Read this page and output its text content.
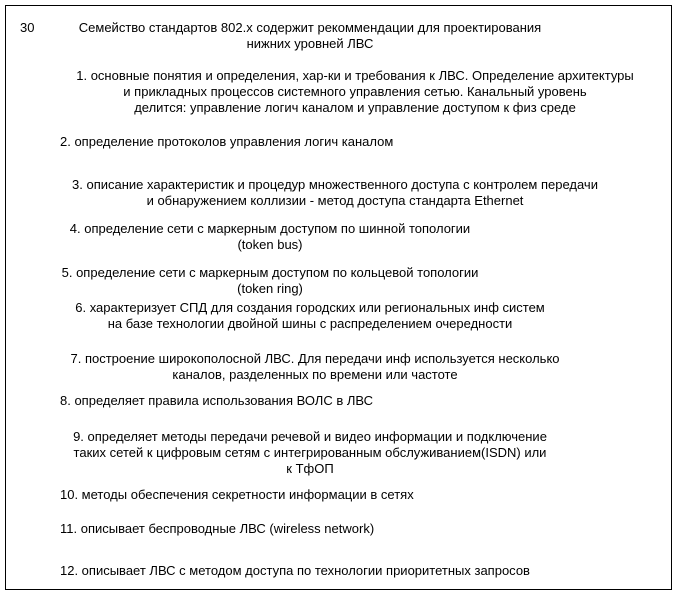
30	Семейство стандартов 802.x содержит рекоммендации для проектирования
нижних уровней ЛВС
1. основные понятия и определения, хар-ки и требования к ЛВС. Определение архитектуры
и прикладных процессов системного управления сетью. Канальный уровень
делится: управление логич каналом и управление доступом к физ среде
2. определение протоколов управления логич каналом
3. описание характеристик и процедур множественного доступа с контролем передачи
и обнаружением коллизии - метод доступа стандарта Ethernet
4. определение сети с маркерным доступом по шинной топологии
(token bus)
5. определение сети с маркерным доступом по кольцевой топологии
(token ring)
6. характеризует СПД для создания городских или региональных инф систем
на базе технологии двойной шины с распределением очередности
7. построение широкополосной ЛВС. Для передачи инф используется несколько
каналов, разделенных по времени или частоте
8. определяет правила использования ВОЛС в ЛВС
9. определяет методы передачи речевой и видео информации и подключение
таких сетей к цифровым сетям с интегрированным обслуживанием(ISDN) или
к ТфОП
10. методы обеспечения секретности информации в сетях
11. описывает беспроводные ЛВС (wireless network)
12. описывает ЛВС с методом доступа по технологии приоритетных запросов
